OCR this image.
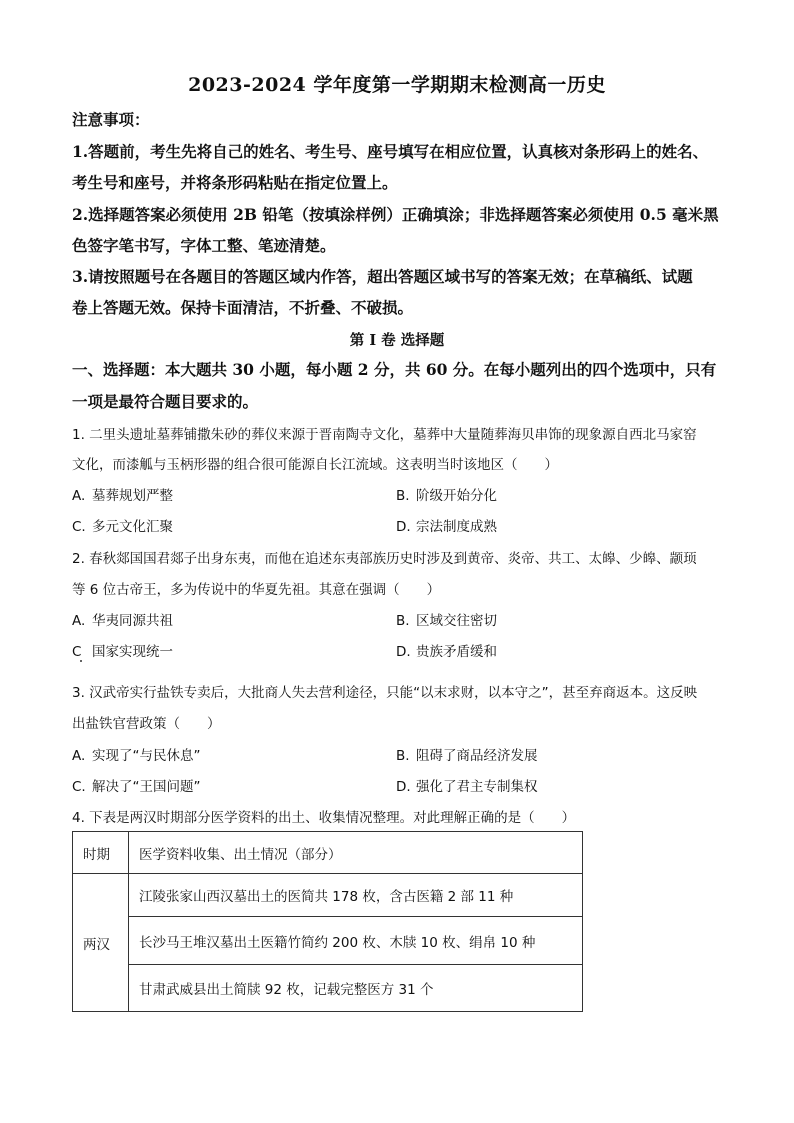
2023-2024 学年度第一学期期末检测高一历史
注意事项：
1.答题前，考生先将自己的姓名、考生号、座号填写在相应位置，认真核对条形码上的姓名、
考生号和座号，并将条形码粘贴在指定位置上。
2.选择题答案必须使用 2B 铅笔（按填涂样例）正确填涂；非选择题答案必须使用 0.5 毫米黑
色签字笔书写，字体工整、笔迹清楚。
3.请按照题号在各题目的答题区域内作答，超出答题区域书写的答案无效；在草稿纸、试题
卷上答题无效。保持卡面清洁，不折叠、不破损。
第 I 卷 选择题
一、选择题：本大题共 30 小题，每小题 2 分，共 60 分。在每小题列出的四个选项中，只有
一项是最符合题目要求的。
1. 二里头遗址墓葬铺撒朱砂的葬仪来源于晋南陶寺文化，墓葬中大量随葬海贝串饰的现象源自西北马家窑
文化，而漆觚与玉柄形器的组合很可能源自长江流域。这表明当时该地区（　　）
A. 墓葬规划严整	B. 阶级开始分化
C. 多元文化汇聚	D. 宗法制度成熟
2. 春秋郯国国君郯子出身东夷，而他在追述东夷部族历史时涉及到黄帝、炎帝、共工、太皞、少皞、颛顼
等 6 位古帝王，多为传说中的华夏先祖。其意在强调（　　）
A. 华夷同源共祖	B. 区域交往密切
C 国家实现统一	D. 贵族矛盾缓和
3. 汉武帝实行盐铁专卖后，大批商人失去营利途径，只能“以末求财，以本守之”，甚至弃商返本。这反映
出盐铁官营政策（　　）
A. 实现了“与民休息”	B. 阻碍了商品经济发展
C. 解决了“王国问题”	D. 强化了君主专制集权
4. 下表是两汉时期部分医学资料的出土、收集情况整理。对此理解正确的是（　　）
时期	医学资料收集、出土情况（部分）
两汉	江陵张家山西汉墓出土的医简共 178 枚，含古医籍 2 部 11 种
	长沙马王堆汉墓出土医籍竹简约 200 枚、木牍 10 枚、绢帛 10 种
	甘肃武威县出土简牍 92 枚，记载完整医方 31 个
